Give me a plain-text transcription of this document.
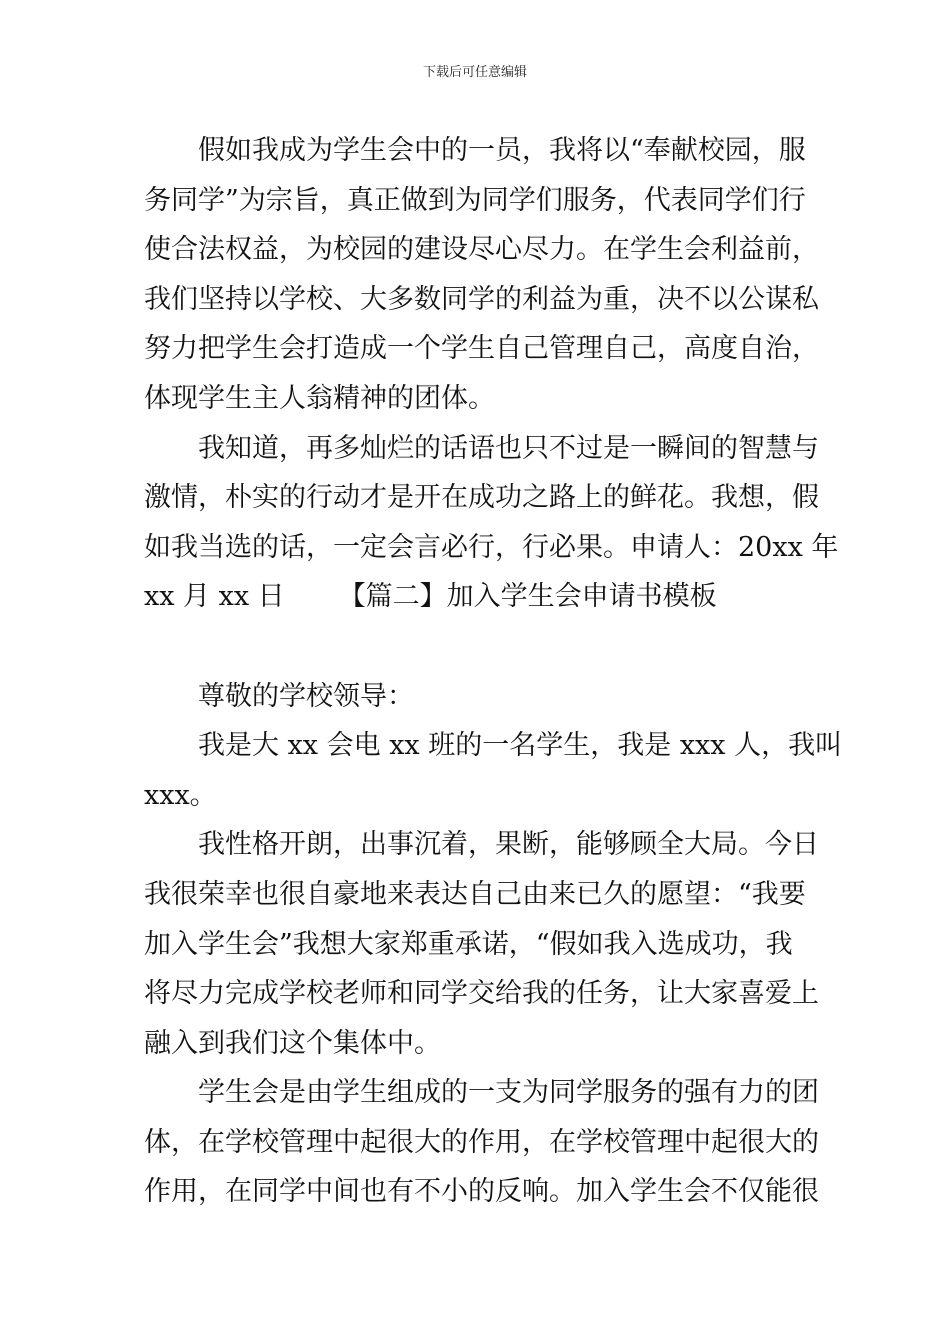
下载后可任意编辑
假如我成为学生会中的一员，我将以“奉献校园，服
务同学”为宗旨，真正做到为同学们服务，代表同学们行
使合法权益，为校园的建设尽心尽力。在学生会利益前，
我们坚持以学校、大多数同学的利益为重，决不以公谋私
努力把学生会打造成一个学生自己管理自己，高度自治，
体现学生主人翁精神的团体。
我知道，再多灿烂的话语也只不过是一瞬间的智慧与
激情，朴实的行动才是开在成功之路上的鲜花。我想，假
如我当选的话，一定会言必行，行必果。申请人：20xx 年
xx 月 xx 日 【篇二】加入学生会申请书模板
尊敬的学校领导：
我是大 xx 会电 xx 班的一名学生，我是 xxx 人，我叫
xxx。
我性格开朗，出事沉着，果断，能够顾全大局。今日
我很荣幸也很自豪地来表达自己由来已久的愿望：“我要
加入学生会”我想大家郑重承诺，“假如我入选成功，我
将尽力完成学校老师和同学交给我的任务，让大家喜爱上
融入到我们这个集体中。
学生会是由学生组成的一支为同学服务的强有力的团
体，在学校管理中起很大的作用，在学校管理中起很大的
作用，在同学中间也有不小的反响。加入学生会不仅能很
